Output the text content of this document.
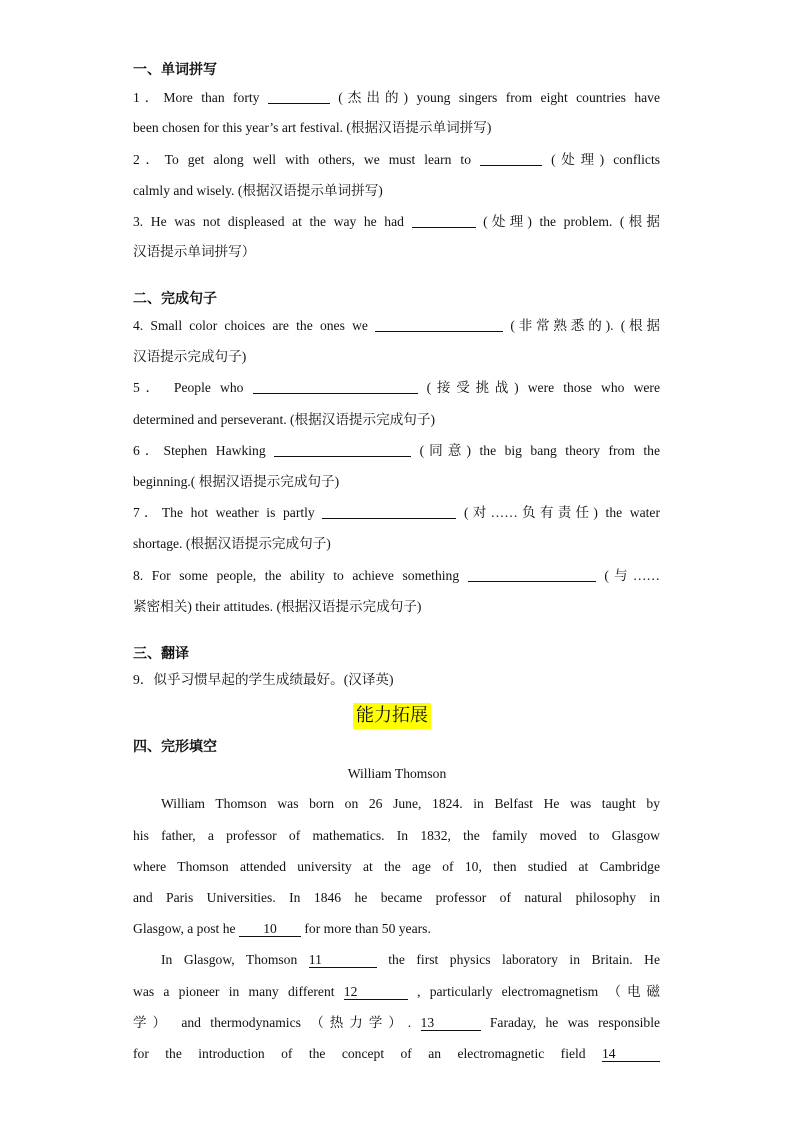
一、单词拼写
1．More than forty	(杰出的) young singers from eight countries have
been chosen for this year’s art festival. (根据汉语提示单词拼写)
2．To get along well with others, we must learn to	(处理) conflicts
calmly and wisely. (根据汉语提示单词拼写)
3. He was not displeased at the way he had	(处理) the problem. (根据
汉语提示单词拼写）
二、完成句子
4. Small color choices are the ones we	(非常熟悉的). (根据
汉语提示完成句子)
5． People who	(接受挑战) were those who were
determined and perseverant. (根据汉语提示完成句子)
6．Stephen Hawking	(同意) the big bang theory from the
beginning.( 根据汉语提示完成句子)
7．The hot weather is partly	(对……负有责任) the water
shortage. (根据汉语提示完成句子)
8. For some people, the ability to achieve something	(与……
紧密相关) their attitudes. (根据汉语提示完成句子)
三、翻译
9．似乎习惯早起的学生成绩最好。(汉译英)
能力拓展
四、完形填空
William Thomson
William Thomson was born on 26 June, 1824. in Belfast He was taught by
his father, a professor of mathematics. In 1832, the family moved to Glasgow
where Thomson attended university at the age of 10, then studied at Cambridge
and Paris Universities. In 1846 he became professor of natural philosophy in
Glasgow, a post he 10 for more than 50 years.
In Glasgow, Thomson 11	the first physics laboratory in Britain. He
was a pioneer in many different 12	, particularly electromagnetism （电磁
学） and thermodynamics （热力学）. 13	Faraday, he was responsible
for the introduction of the concept of an electromagnetic field 14
